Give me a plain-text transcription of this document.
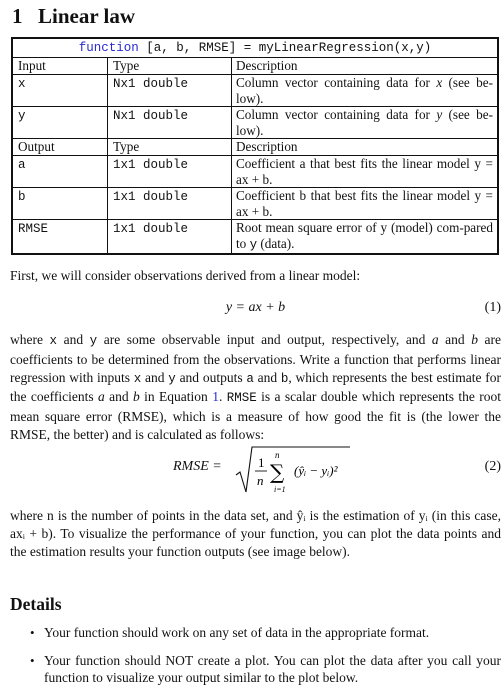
1 Linear law
function [a, b, RMSE] = myLinearRegression(x,y)
Input	Type	Description
x	Nx1 double	Column vector containing data for x (see be-low).
y	Nx1 double	Column vector containing data for y (see be-low).
Output	Type	Description
a	1x1 double	Coefficient a that best fits the linear model y = ax + b.
b	1x1 double	Coefficient b that best fits the linear model y = ax + b.
RMSE	1x1 double	Root mean square error of y (model) com-pared to y (data).

First, we will consider observations derived from a linear model:

y = ax + b	(1)

where x and y are some observable input and output, respectively, and a and b are coefficients to be determined from the observations. Write a function that performs linear regression with inputs x and y and outputs a and b, which represents the best estimate for the coefficients a and b in Equation 1. RMSE is a scalar double which represents the root mean square error (RMSE), which is a measure of how good the fit is (the lower the RMSE, the better) and is calculated as follows:

RMSE =	1
n
n
∑
i=1
(ŷᵢ − yᵢ)²	(2)

where n is the number of points in the data set, and ŷᵢ is the estimation of yᵢ (in this case, axᵢ + b). To visualize the performance of your function, you can plot the data points and the estimation results your function outputs (see image below).

Details
• Your function should work on any set of data in the appropriate format.
• Your function should NOT create a plot. You can plot the data after you call your function to visualize your output similar to the plot below.
